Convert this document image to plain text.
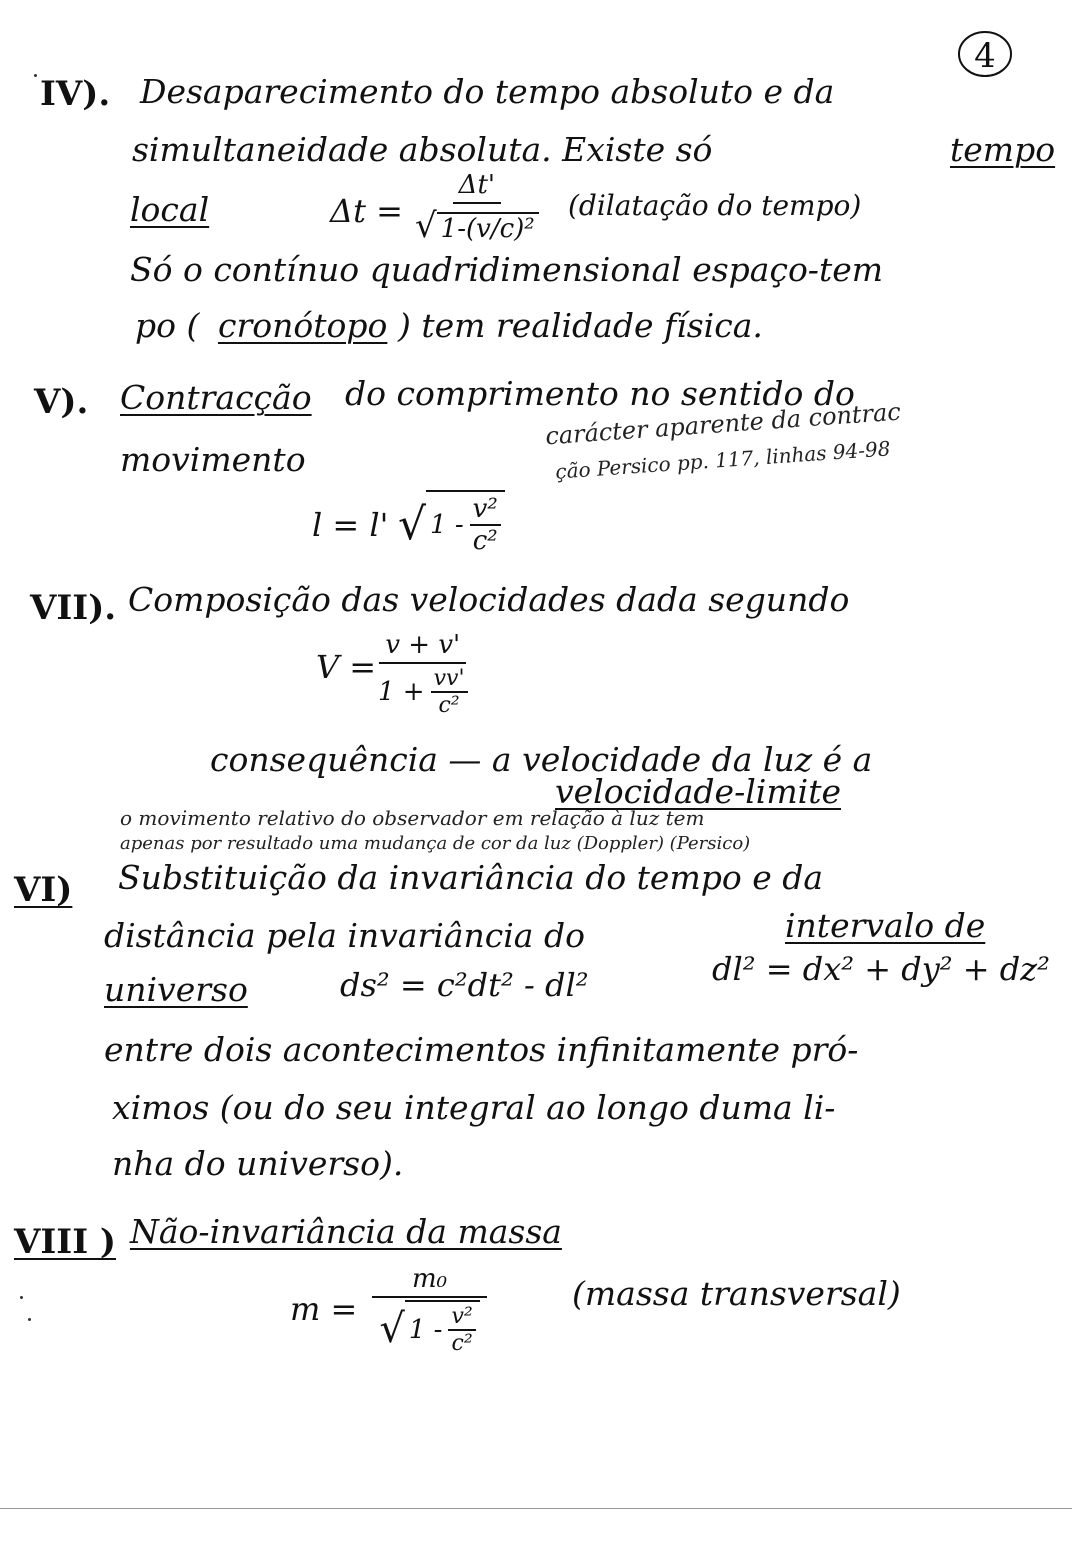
4
IV). Desaparecimento do tempo absoluto e da
simultaneidade absoluta. Existe só	tempo
local	$\Delta t = \frac{\Delta t'}{\text{√ 1-(v/c)²}}$ (dilatação do tempo)
Só o contínuo quadridimensional espaço-tem
po ( cronótopo ) tem realidade física.
V). Contracção do comprimento no sentido do
movimento
carácter aparente da contrac
ção Persico pp. 117, linhas 94-98
l = l' √ $1 - \frac{\text{v²}}{\text{c²}}$
VII). Composição das velocidades dada segundo
$V = \frac{v + v'}{1 + \frac{vv'}{\text{c²}}}$
consequência — a velocidade da luz é a
velocidade-limite
o movimento relativo do observador em relação à luz tem
apenas por resultado uma mudança de cor da luz (Doppler) (Persico)
VI) Substituição da invariância do tempo e da
distância pela invariância do	intervalo de
universo	ds² = c²dt² - dl²	dl² = dx² + dy² + dz²
entre dois acontecimentos infinitamente pró-
ximos (ou do seu integral ao longo duma li-
nha do universo).
VIII ) Não-invariância da massa
$m = \frac{\text{m₀}}{√ 1 - \frac{\text{v²}}{\text{c²}}}$	(massa transversal)
